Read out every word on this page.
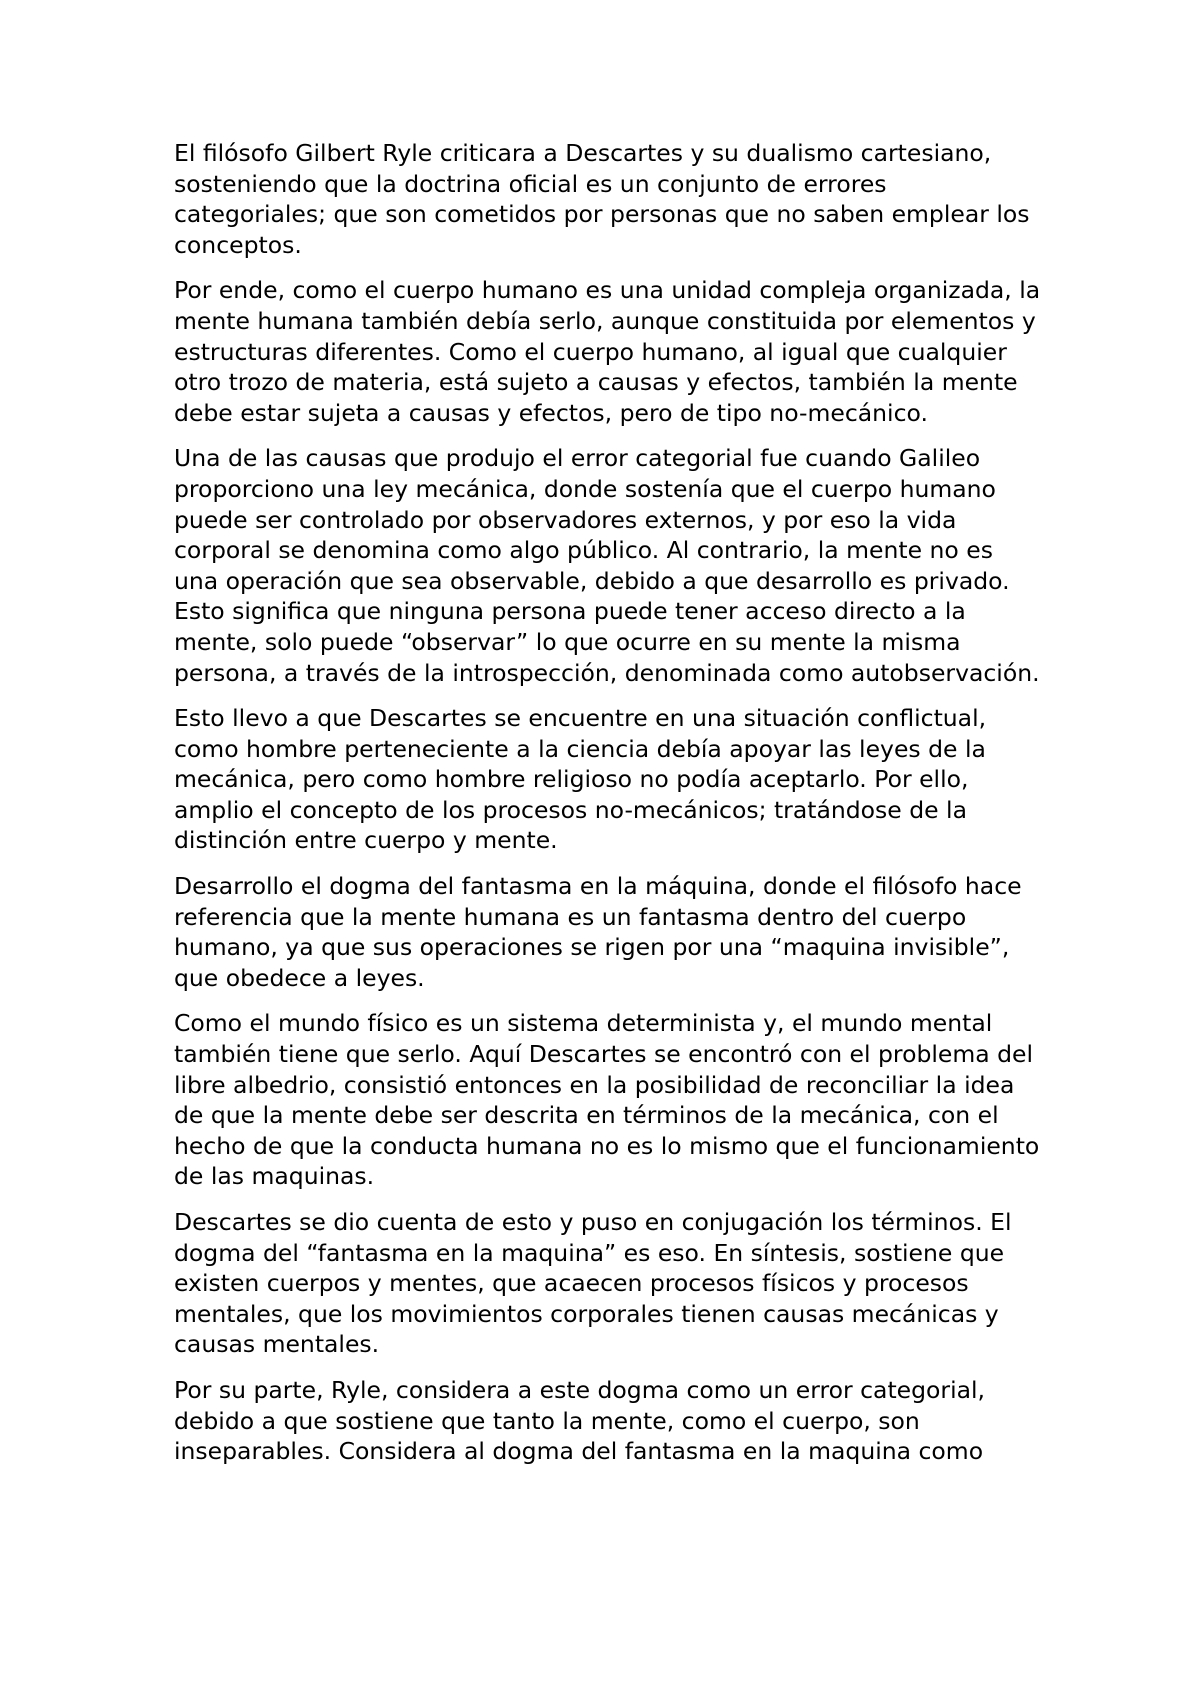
El filósofo Gilbert Ryle criticara a Descartes y su dualismo cartesiano, sosteniendo que la doctrina oficial es un conjunto de errores categoriales; que son cometidos por personas que no saben emplear los conceptos.

Por ende, como el cuerpo humano es una unidad compleja organizada, la mente humana también debía serlo, aunque constituida por elementos y estructuras diferentes. Como el cuerpo humano, al igual que cualquier otro trozo de materia, está sujeto a causas y efectos, también la mente debe estar sujeta a causas y efectos, pero de tipo no-mecánico.

Una de las causas que produjo el error categorial fue cuando Galileo proporciono una ley mecánica, donde sostenía que el cuerpo humano puede ser controlado por observadores externos, y por eso la vida corporal se denomina como algo público. Al contrario, la mente no es una operación que sea observable, debido a que desarrollo es privado. Esto significa que ninguna persona puede tener acceso directo a la mente, solo puede “observar” lo que ocurre en su mente la misma persona, a través de la introspección, denominada como autobservación.

Esto llevo a que Descartes se encuentre en una situación conflictual, como hombre perteneciente a la ciencia debía apoyar las leyes de la mecánica, pero como hombre religioso no podía aceptarlo. Por ello, amplio el concepto de los procesos no-mecánicos; tratándose de la distinción entre cuerpo y mente.

Desarrollo el dogma del fantasma en la máquina, donde el filósofo hace referencia que la mente humana es un fantasma dentro del cuerpo humano, ya que sus operaciones se rigen por una “maquina invisible”, que obedece a leyes.

Como el mundo físico es un sistema determinista y, el mundo mental también tiene que serlo. Aquí Descartes se encontró con el problema del libre albedrio, consistió entonces en la posibilidad de reconciliar la idea de que la mente debe ser descrita en términos de la mecánica, con el hecho de que la conducta humana no es lo mismo que el funcionamiento de las maquinas.

Descartes se dio cuenta de esto y puso en conjugación los términos. El dogma del “fantasma en la maquina” es eso. En síntesis, sostiene que existen cuerpos y mentes, que acaecen procesos físicos y procesos mentales, que los movimientos corporales tienen causas mecánicas y causas mentales.

Por su parte, Ryle, considera a este dogma como un error categorial, debido a que sostiene que tanto la mente, como el cuerpo, son inseparables. Considera al dogma del fantasma en la maquina como
